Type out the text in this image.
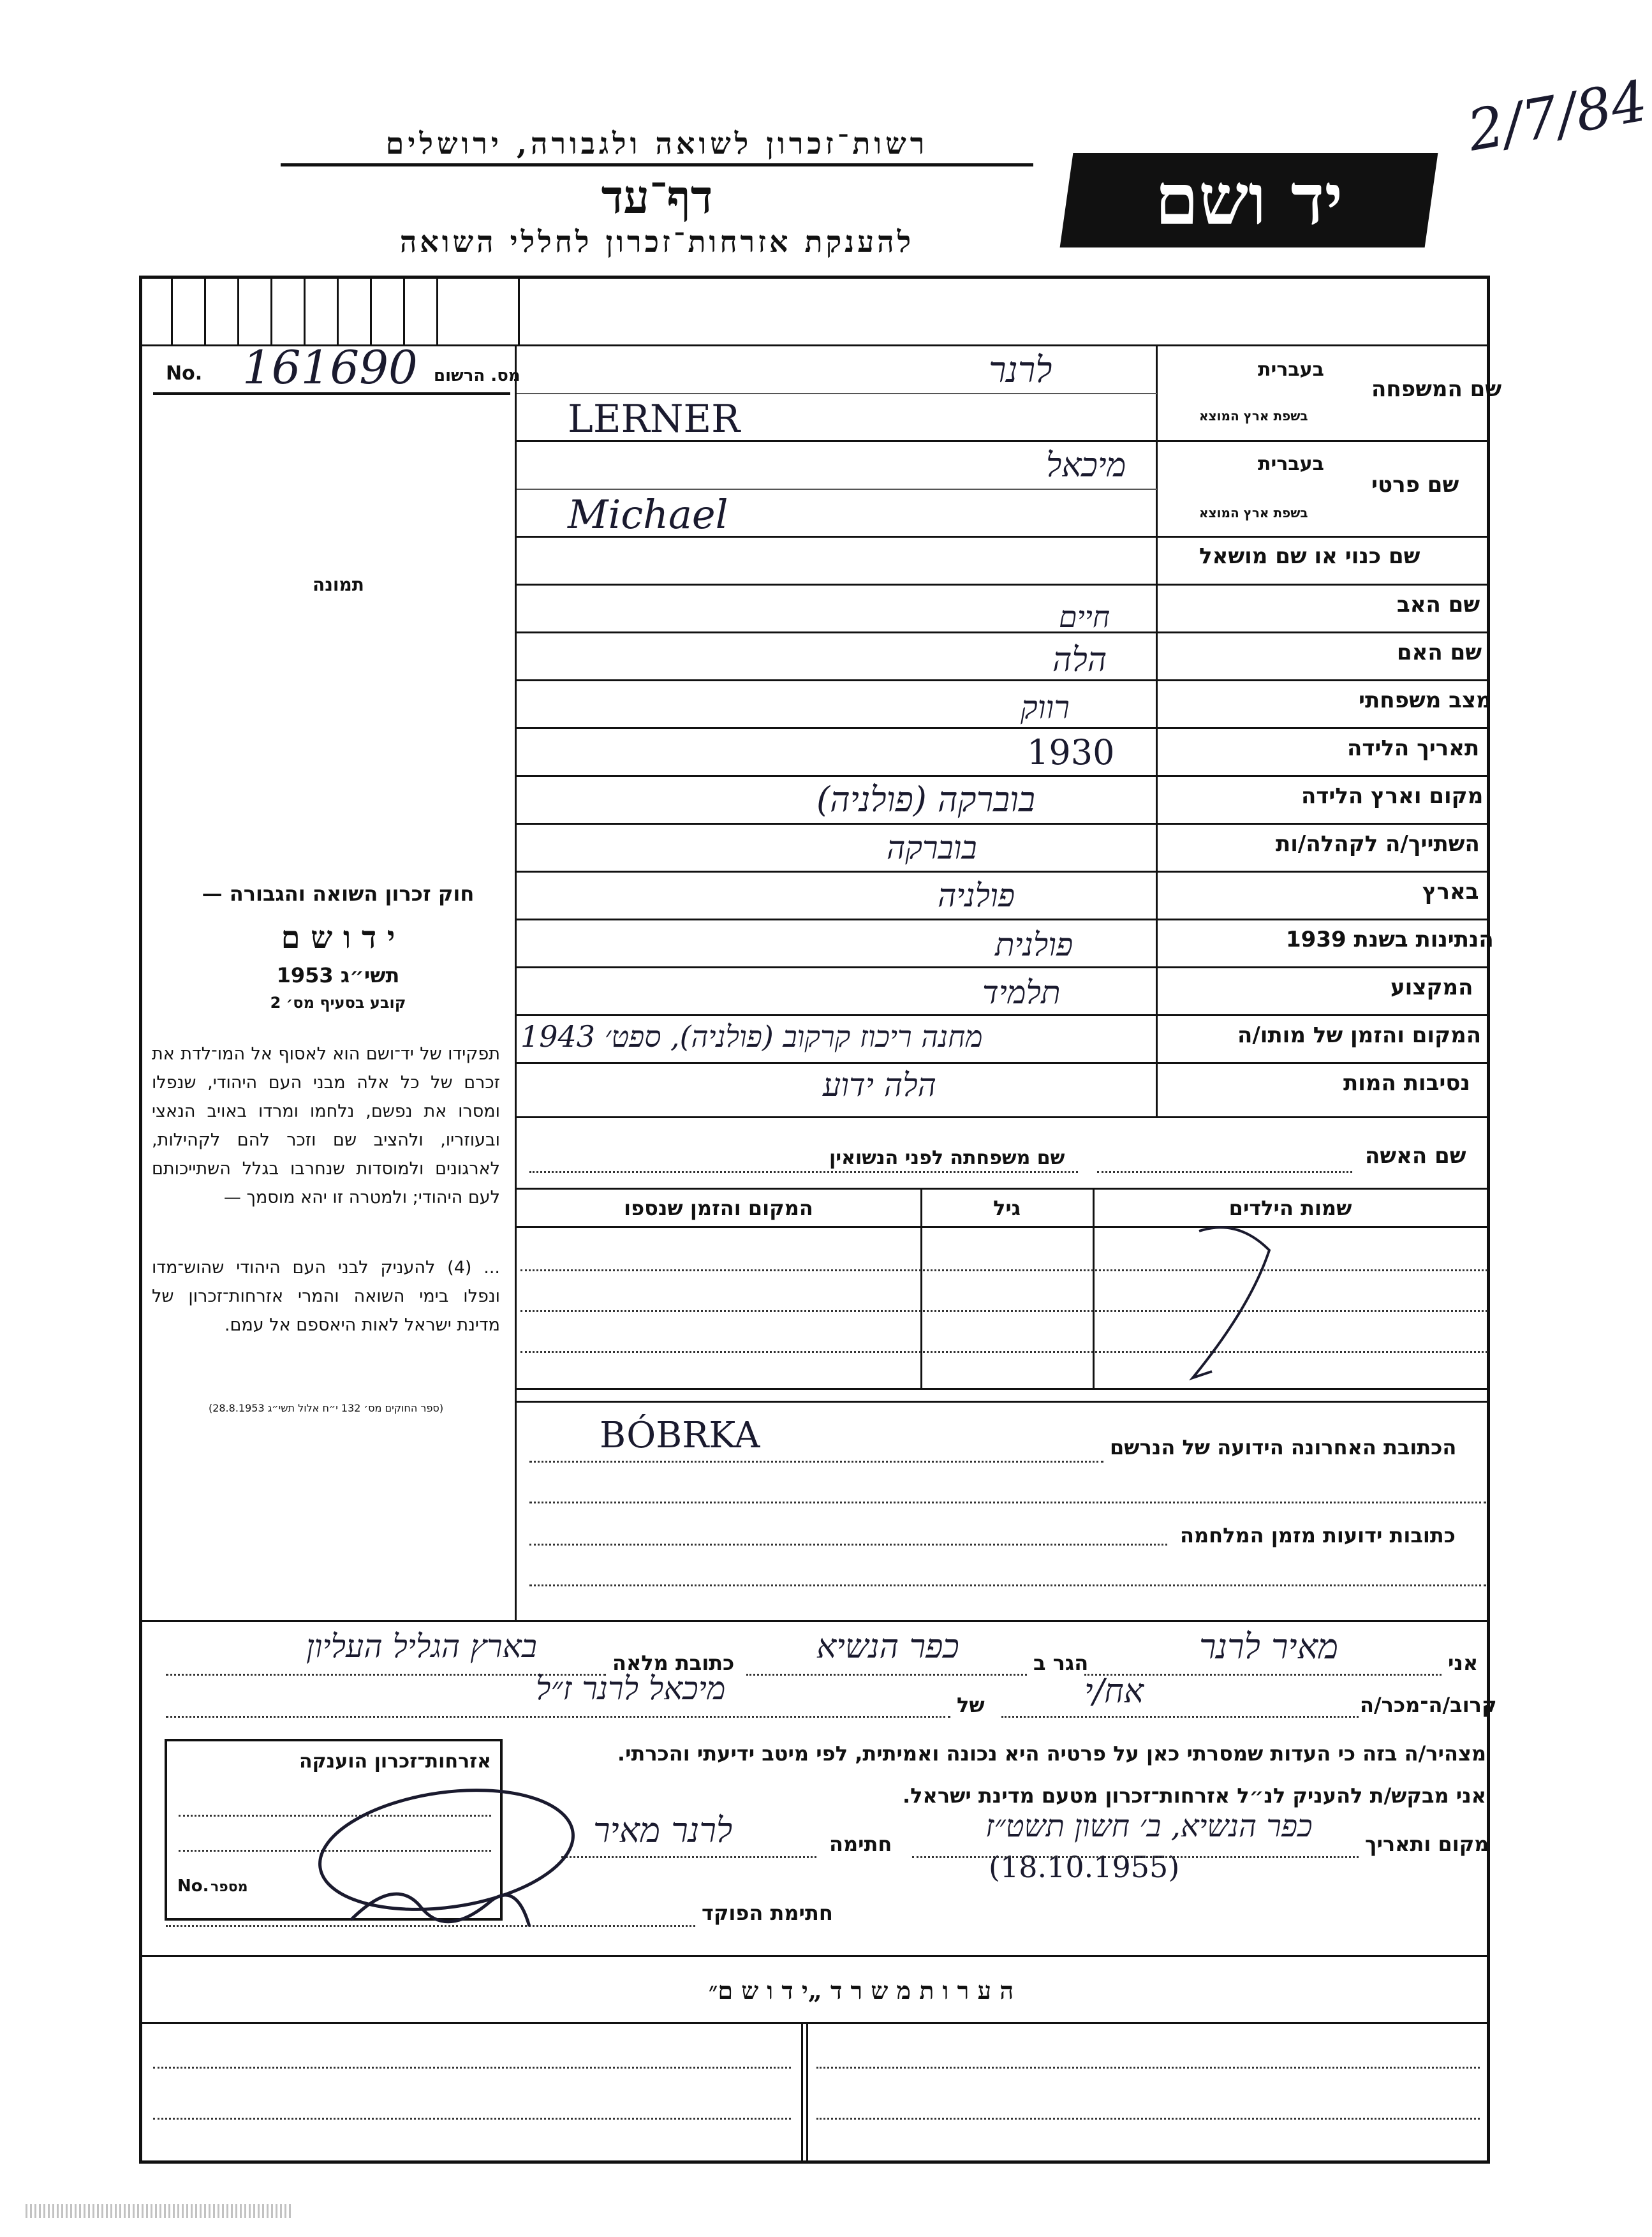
2/7/84
רשות־זכרון לשואה ולגבורה, ירושלים
דף־עד
להענקת אזרחות־זכרון לחללי השואה
יד ושם
No. 161690 מס. הרשום
תמונה
חוק זכרון השואה והגבורה —
י ד ו ש ם
תשי״ג 1953
קובע בסעיף מס׳ 2
תפקידו של יד־ושם הוא לאסוף אל המו־לדת את זכרם של כל אלה מבני העם היהודי, שנפלו ומסרו את נפשם, נלחמו ומרדו באויב הנאצי ובעוזריו, ולהציב שם וזכר להם לקהילות, לארגונים ולמוסדות שנחרבו בגלל השתייכותם לעם היהודי; ולמטרה זו יהא מוסמך —
... (4) להעניק לבני העם היהודי שהוש־מדו ונפלו בימי השואה והמרי אזרחות־זכרון של מדינת ישראל לאות היאספם אל עמם.
(ספר החוקים מס׳ 132 י״ח אלול תשי״ג 28.8.1953)
שם המשפחה
בעברית
בשפת ארץ המוצא
לרנר
LERNER
שם פרטי
בעברית
בשפת ארץ המוצא
מיכאל
Michael
שם כנוי או שם מושאל
שם האב
חיים
שם האם
הלה
מצב משפחתי
רווק
תאריך הלידה
1930
מקום וארץ הלידה
בוברקה (פולניה)
השתייך/ה לקהלה/ות
בוברקה
בארץ
פולניה
הנתינות בשנת 1939
פולנית
המקצוע
תלמיד
המקום והזמן של מותו/ה
מחנה ריכוז קרקוב (פולניה), ספט׳ 1943
נסיבות המות
הלה ידוע
שם האשה
שם משפחתה לפני הנשואין
שמות הילדים
גיל
המקום והזמן שנספו
BÓBRKA	הכתובת האחרונה הידועה של הנרשם
כתובות ידועות מזמן המלחמה
אני
מאיר לרנר
הגר ב
כפר הנשיא
כתובת מלאה
בארץ הגליל העליון
קרוב/ה־מכר/ה
אח/י
של
מיכאל לרנר ז״ל
מצהיר/ה בזה כי העדות שמסרתי כאן על פרטיה היא נכונה ואמיתית, לפי מיטב ידיעתי והכרתי.
אני מבקש/ת להעניק לנ״ל אזרחות־זכרון מטעם מדינת ישראל.
מקום ותאריך
כפר הנשיא, ב׳ חשון תשט״ז
(18.10.1955)
חתימה
לרנר מאיר
חתימת הפוקד
אזרחות־זכרון הוענקה
No. מספר
ה ע ר ו ת מ ש ר ד „י ד ו ש ם״
